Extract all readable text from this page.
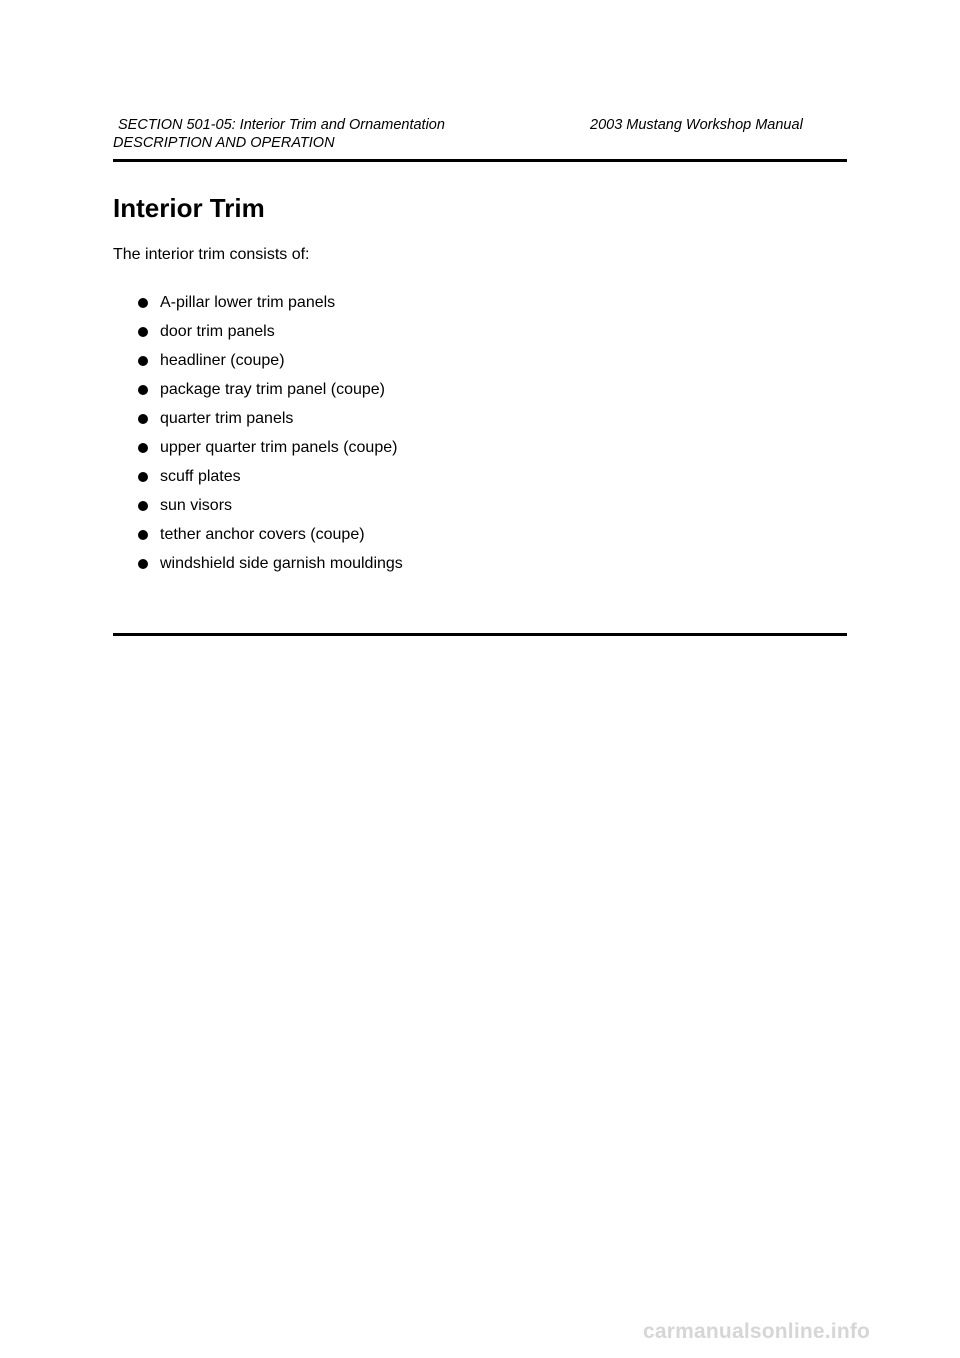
SECTION 501-05: Interior Trim and Ornamentation
DESCRIPTION AND OPERATION
2003 Mustang Workshop Manual
Interior Trim

The interior trim consists of:

A-pillar lower trim panels
door trim panels
headliner (coupe)
package tray trim panel (coupe)
quarter trim panels
upper quarter trim panels (coupe)
scuff plates
sun visors
tether anchor covers (coupe)
windshield side garnish mouldings
carmanualsonline.info
